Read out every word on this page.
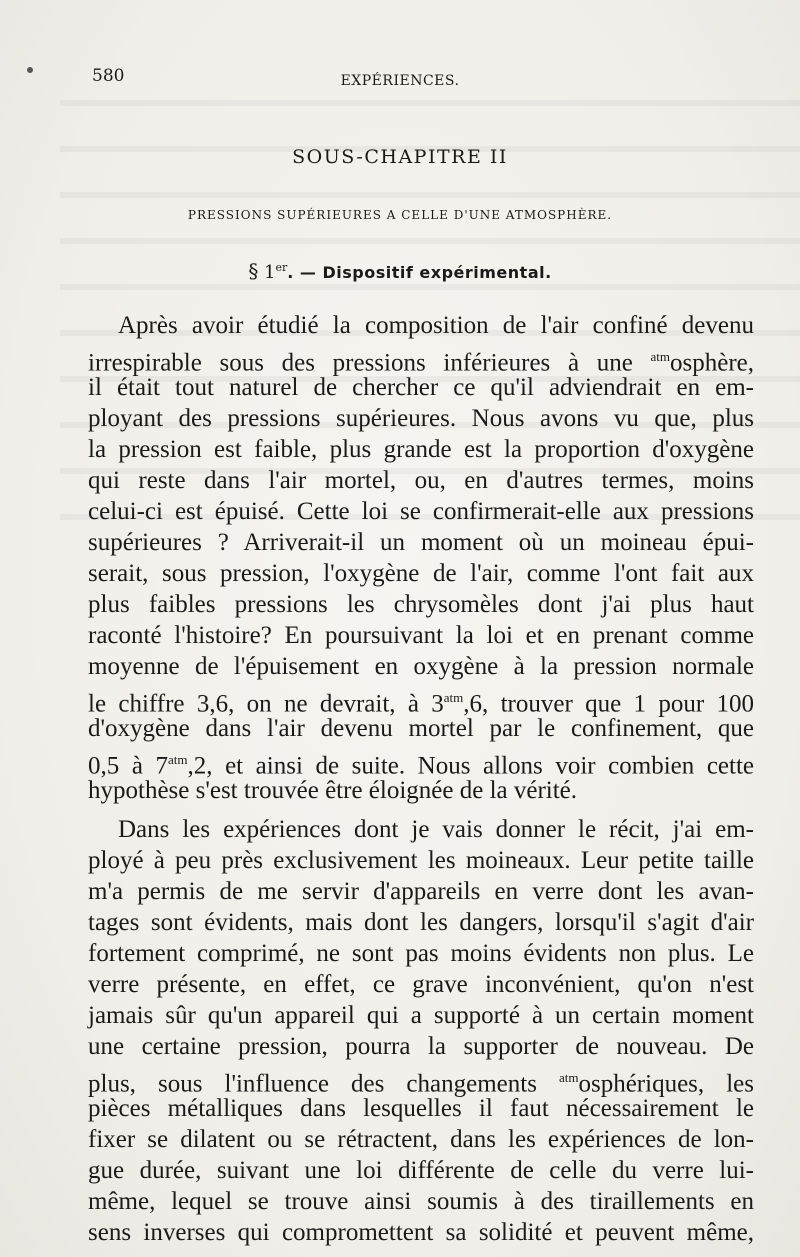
580	EXPÉRIENCES.
SOUS-CHAPITRE II
PRESSIONS SUPÉRIEURES A CELLE D'UNE ATMOSPHÈRE.
§ 1er. — Dispositif expérimental.
Après avoir étudié la composition de l'air confiné devenu
irrespirable sous des pressions inférieures à une $^{atm}$osphère,
il était tout naturel de chercher ce qu'il adviendrait en em-
ployant des pressions supérieures. Nous avons vu que, plus
la pression est faible, plus grande est la proportion d'oxygène
qui reste dans l'air mortel, ou, en d'autres termes, moins
celui-ci est épuisé. Cette loi se confirmerait-elle aux pressions
supérieures ? Arriverait-il un moment où un moineau épui-
serait, sous pression, l'oxygène de l'air, comme l'ont fait aux
plus faibles pressions les chrysomèles dont j'ai plus haut
raconté l'histoire? En poursuivant la loi et en prenant comme
moyenne de l'épuisement en oxygène à la pression normale
le chiffre 3,6, on ne devrait, à $3^{atm},6$, trouver que 1 pour 100
d'oxygène dans l'air devenu mortel par le confinement, que
0,5 à $7^{atm},2$, et ainsi de suite. Nous allons voir combien cette
hypothèse s'est trouvée être éloignée de la vérité.
Dans les expériences dont je vais donner le récit, j'ai em-
ployé à peu près exclusivement les moineaux. Leur petite taille
m'a permis de me servir d'appareils en verre dont les avan-
tages sont évidents, mais dont les dangers, lorsqu'il s'agit d'air
fortement comprimé, ne sont pas moins évidents non plus. Le
verre présente, en effet, ce grave inconvénient, qu'on n'est
jamais sûr qu'un appareil qui a supporté à un certain moment
une certaine pression, pourra la supporter de nouveau. De
plus, sous l'influence des changements $^{atm}$osphériques, les
pièces métalliques dans lesquelles il faut nécessairement le
fixer se dilatent ou se rétractent, dans les expériences de lon-
gue durée, suivant une loi différente de celle du verre lui-
même, lequel se trouve ainsi soumis à des tiraillements en
sens inverses qui compromettent sa solidité et peuvent même,
